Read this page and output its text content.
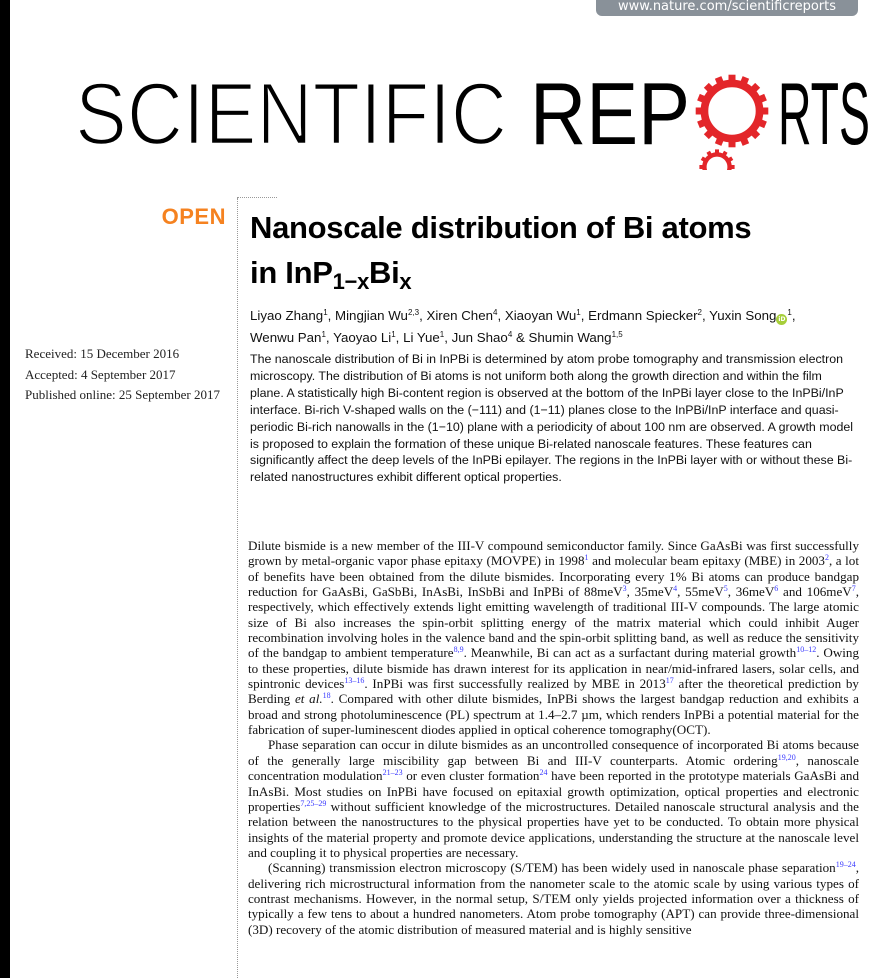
www.nature.com/scientificreports
SCIENTIFIC REP RTS
OPEN
Received: 15 December 2016
Accepted: 4 September 2017
Published online: 25 September 2017
Nanoscale distribution of Bi atoms
in $InP_{1-x}Bi_x$
Liyao Zhang$^1$, Mingjian Wu$^{2,3}$, Xiren Chen$^4$, Xiaoyan Wu$^1$, Erdmann Spiecker$^2$, Yuxin Song $iD^1$,
Wenwu Pan$^1$, Yaoyao Li$^1$, Li Yue$^1$, Jun Shao$^4$ & Shumin Wang$^{1,5}$
The nanoscale distribution of Bi in InPBi is determined by atom probe tomography and transmission electron microscopy. The distribution of Bi atoms is not uniform both along the growth direction and within the film plane. A statistically high Bi-content region is observed at the bottom of the InPBi layer close to the InPBi/InP interface. Bi-rich V-shaped walls on the (−111) and (1−11) planes close to the InPBi/InP interface and quasi-periodic Bi-rich nanowalls in the (1−10) plane with a periodicity of about 100 nm are observed. A growth model is proposed to explain the formation of these unique Bi-related nanoscale features. These features can significantly affect the deep levels of the InPBi epilayer. The regions in the InPBi layer with or without these Bi-related nanostructures exhibit different optical properties.

Dilute bismide is a new member of the III-V compound semiconductor family. Since GaAsBi was first successfully grown by metal-organic vapor phase epitaxy (MOVPE) in 1998$^1$ and molecular beam epitaxy (MBE) in 2003$^2$, a lot of benefits have been obtained from the dilute bismides. Incorporating every 1% Bi atoms can produce bandgap reduction for GaAsBi, GaSbBi, InAsBi, InSbBi and InPBi of 88meV$^3$, 35meV$^4$, 55meV$^5$, 36meV$^6$ and 106meV$^7$, respectively, which effectively extends light emitting wavelength of traditional III-V compounds. The large atomic size of Bi also increases the spin-orbit splitting energy of the matrix material which could inhibit Auger recombination involving holes in the valence band and the spin-orbit splitting band, as well as reduce the sensitivity of the bandgap to ambient temperature$^{8,9}$. Meanwhile, Bi can act as a surfactant during material growth$^{10-12}$. Owing to these properties, dilute bismide has drawn interest for its application in near/mid-infrared lasers, solar cells, and spintronic devices$^{13-16}$. InPBi was first successfully realized by MBE in 2013$^{17}$ after the theoretical prediction by Berding et al.$^{18}$. Compared with other dilute bismides, InPBi shows the largest bandgap reduction and exhibits a broad and strong photoluminescence (PL) spectrum at 1.4–2.7 µm, which renders InPBi a potential material for the fabrication of super-luminescent diodes applied in optical coherence tomography(OCT).

Phase separation can occur in dilute bismides as an uncontrolled consequence of incorporated Bi atoms because of the generally large miscibility gap between Bi and III-V counterparts. Atomic ordering$^{19,20}$, nanoscale concentration modulation$^{21-23}$ or even cluster formation$^{24}$ have been reported in the prototype materials GaAsBi and InAsBi. Most studies on InPBi have focused on epitaxial growth optimization, optical properties and electronic properties$^{7,25-29}$ without sufficient knowledge of the microstructures. Detailed nanoscale structural analysis and the relation between the nanostructures to the physical properties have yet to be conducted. To obtain more physical insights of the material property and promote device applications, understanding the structure at the nanoscale level and coupling it to physical properties are necessary.

(Scanning) transmission electron microscopy (S/TEM) has been widely used in nanoscale phase separation$^{19-24}$, delivering rich microstructural information from the nanometer scale to the atomic scale by using various types of contrast mechanisms. However, in the normal setup, S/TEM only yields projected information over a thickness of typically a few tens to about a hundred nanometers. Atom probe tomography (APT) can provide three-dimensional (3D) recovery of the atomic distribution of measured material and is highly sensitive
